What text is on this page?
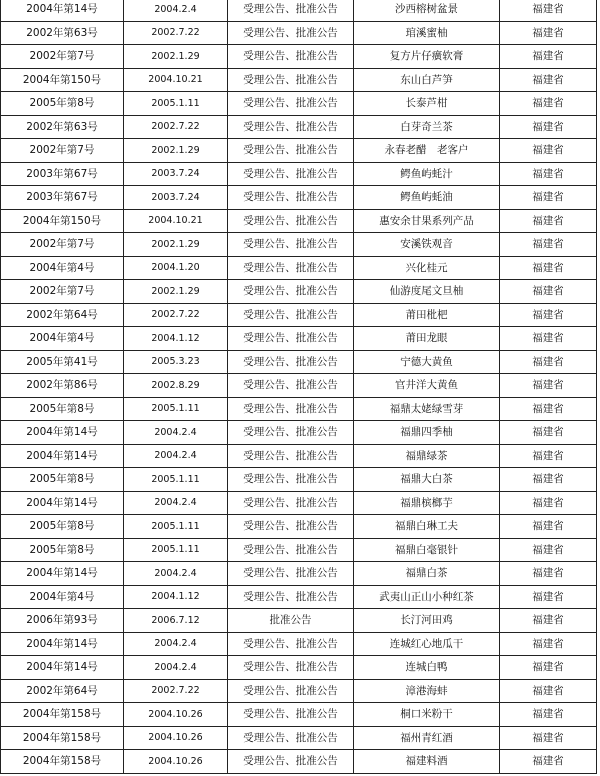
2004年第14号	2004.2.4	受理公告、批准公告	沙西榕树盆景	福建省
2002年第63号	2002.7.22	受理公告、批准公告	琯溪蜜柚	福建省
2002年第7号	2002.1.29	受理公告、批准公告	复方片仔癀软膏	福建省
2004年第150号	2004.10.21	受理公告、批准公告	东山白芦笋	福建省
2005年第8号	2005.1.11	受理公告、批准公告	长泰芦柑	福建省
2002年第63号	2002.7.22	受理公告、批准公告	白芽奇兰茶	福建省
2002年第7号	2002.1.29	受理公告、批准公告	永春老醋　老客户	福建省
2003年第67号	2003.7.24	受理公告、批准公告	鳄鱼屿蚝汁	福建省
2003年第67号	2003.7.24	受理公告、批准公告	鳄鱼屿蚝油	福建省
2004年第150号	2004.10.21	受理公告、批准公告	惠安余甘果系列产品	福建省
2002年第7号	2002.1.29	受理公告、批准公告	安溪铁观音	福建省
2004年第4号	2004.1.20	受理公告、批准公告	兴化桂元	福建省
2002年第7号	2002.1.29	受理公告、批准公告	仙游度尾文旦柚	福建省
2002年第64号	2002.7.22	受理公告、批准公告	莆田枇杷	福建省
2004年第4号	2004.1.12	受理公告、批准公告	莆田龙眼	福建省
2005年第41号	2005.3.23	受理公告、批准公告	宁德大黄鱼	福建省
2002年第86号	2002.8.29	受理公告、批准公告	官井洋大黄鱼	福建省
2005年第8号	2005.1.11	受理公告、批准公告	福鼎太姥绿雪芽	福建省
2004年第14号	2004.2.4	受理公告、批准公告	福鼎四季柚	福建省
2004年第14号	2004.2.4	受理公告、批准公告	福鼎绿茶	福建省
2005年第8号	2005.1.11	受理公告、批准公告	福鼎大白茶	福建省
2004年第14号	2004.2.4	受理公告、批准公告	福鼎槟榔芋	福建省
2005年第8号	2005.1.11	受理公告、批准公告	福鼎白琳工夫	福建省
2005年第8号	2005.1.11	受理公告、批准公告	福鼎白毫银针	福建省
2004年第14号	2004.2.4	受理公告、批准公告	福鼎白茶	福建省
2004年第4号	2004.1.12	受理公告、批准公告	武夷山正山小种红茶	福建省
2006年第93号	2006.7.12	批准公告	长汀河田鸡	福建省
2004年第14号	2004.2.4	受理公告、批准公告	连城红心地瓜干	福建省
2004年第14号	2004.2.4	受理公告、批准公告	连城白鸭	福建省
2002年第64号	2002.7.22	受理公告、批准公告	漳港海蚌	福建省
2004年第158号	2004.10.26	受理公告、批准公告	桐口米粉干	福建省
2004年第158号	2004.10.26	受理公告、批准公告	福州青红酒	福建省
2004年第158号	2004.10.26	受理公告、批准公告	福建料酒	福建省
